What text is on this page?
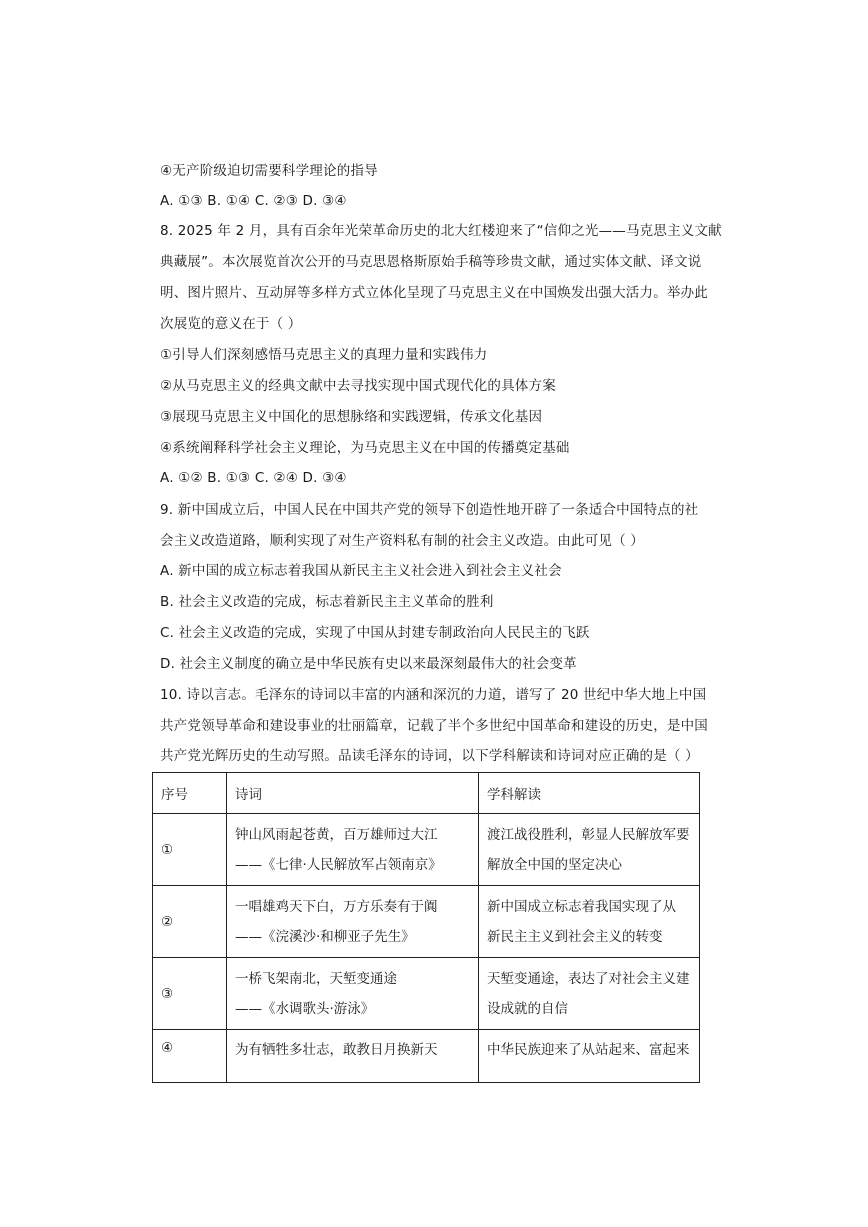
④无产阶级迫切需要科学理论的指导
A. ①③ B. ①④ C. ②③ D. ③④
8. 2025 年 2 月，具有百余年光荣革命历史的北大红楼迎来了“信仰之光——马克思主义文献
典藏展”。本次展览首次公开的马克思恩格斯原始手稿等珍贵文献，通过实体文献、译文说
明、图片照片、互动屏等多样方式立体化呈现了马克思主义在中国焕发出强大活力。举办此
次展览的意义在于（ ）
①引导人们深刻感悟马克思主义的真理力量和实践伟力
②从马克思主义的经典文献中去寻找实现中国式现代化的具体方案
③展现马克思主义中国化的思想脉络和实践逻辑，传承文化基因
④系统阐释科学社会主义理论，为马克思主义在中国的传播奠定基础
A. ①② B. ①③ C. ②④ D. ③④
9. 新中国成立后，中国人民在中国共产党的领导下创造性地开辟了一条适合中国特点的社
会主义改造道路，顺利实现了对生产资料私有制的社会主义改造。由此可见（ ）
A. 新中国的成立标志着我国从新民主主义社会进入到社会主义社会
B. 社会主义改造的完成，标志着新民主主义革命的胜利
C. 社会主义改造的完成，实现了中国从封建专制政治向人民民主的飞跃
D. 社会主义制度的确立是中华民族有史以来最深刻最伟大的社会变革
10. 诗以言志。毛泽东的诗词以丰富的内涵和深沉的力道，谱写了 20 世纪中华大地上中国
共产党领导革命和建设事业的壮丽篇章，记载了半个多世纪中国革命和建设的历史，是中国
共产党光辉历史的生动写照。品读毛泽东的诗词，以下学科解读和诗词对应正确的是（ ）
序号	诗词	学科解读
①	钟山风雨起苍黄，百万雄师过大江
——《七律·人民解放军占领南京》	渡江战役胜利，彰显人民解放军要
解放全中国的坚定决心

②	一唱雄鸡天下白，万方乐奏有于阗
——《浣溪沙·和柳亚子先生》	新中国成立标志着我国实现了从
新民主主义到社会主义的转变

③	一桥飞架南北，天堑变通途
——《水调歌头·游泳》	天堑变通途，表达了对社会主义建
设成就的自信

④	为有牺牲多壮志，敢教日月换新天	中华民族迎来了从站起来、富起来
